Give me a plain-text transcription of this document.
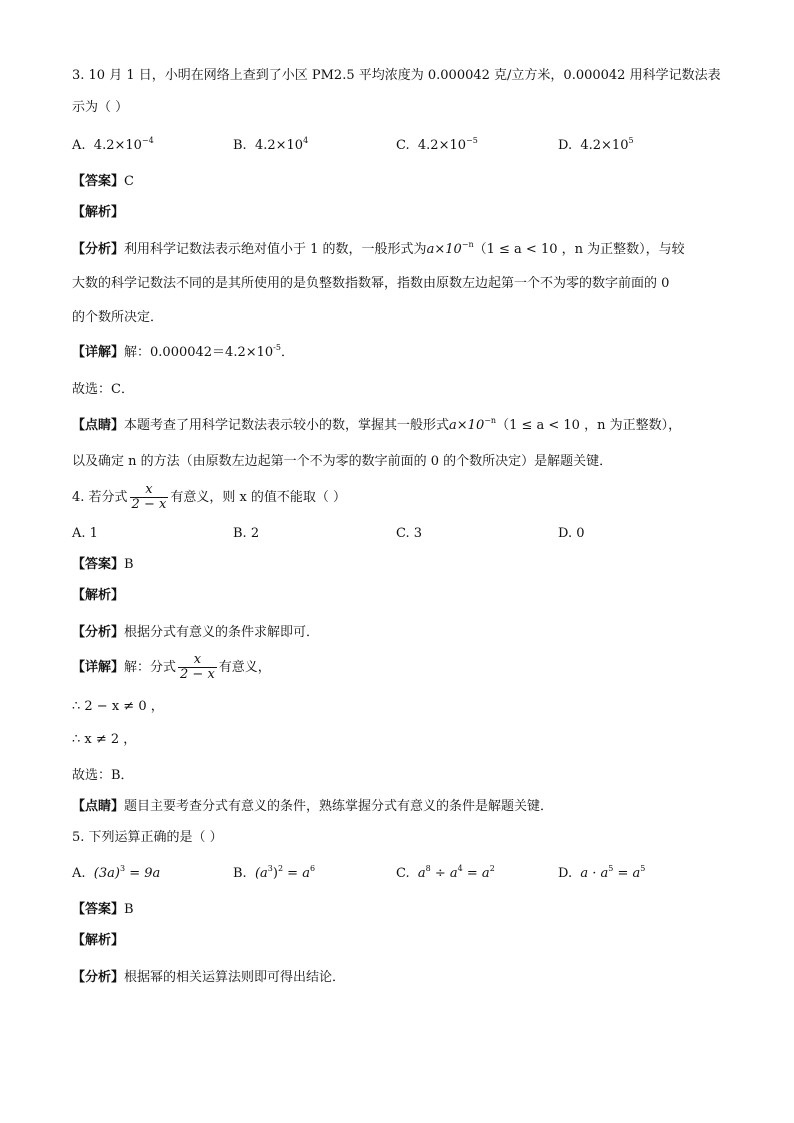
3. 10 月 1 日，小明在网络上查到了小区 PM2.5 平均浓度为 0.000042 克/立方米，0.000042 用科学记数法表
示为（ ）
A. $4.2\times 10^{-4}$	B. $4.2\times 10^4$	C. $4.2\times 10^{-5}$	D. $4.2\times 10^5$
【答案】C
【解析】
【分析】利用科学记数法表示绝对值小于 1 的数，一般形式为$a\times 10^{-n}(1 \le a < 10$ ，n 为正整数），与较
大数的科学记数法不同的是其所使用的是负整数指数幂，指数由原数左边起第一个不为零的数字前面的 0
的个数所决定．
【详解】解：$0.000042=4.2\times 10^{-5}$．
故选：C．
【点睛】本题考查了用科学记数法表示较小的数，掌握其一般形式$a\times 10^{-n}(1 \le a < 10$ ，n 为正整数），
以及确定 n 的方法（由原数左边起第一个不为零的数字前面的 0 的个数所决定）是解题关键．
4. 若分式 $\frac{x}{2 - x}$ 有意义，则 x 的值不能取（ ）
A. 1	B. 2	C. 3	D. 0
【答案】B
【解析】
【分析】根据分式有意义的条件求解即可．
【详解】解：分式 $\frac{x}{2 - x}$ 有意义，
∴ 2 − x ≠ 0 ，
∴ x ≠ 2 ，
故选：B．
【点睛】题目主要考查分式有意义的条件，熟练掌握分式有意义的条件是解题关键．
5. 下列运算正确的是（ ）
A. $(3a)^3 = 9a$	B. $(a^3)^2 = a^6$	C. $a^8 \div a^4 = a^2$	D. $a \cdot a^5 = a^5$
【答案】B
【解析】
【分析】根据幂的相关运算法则即可得出结论．
